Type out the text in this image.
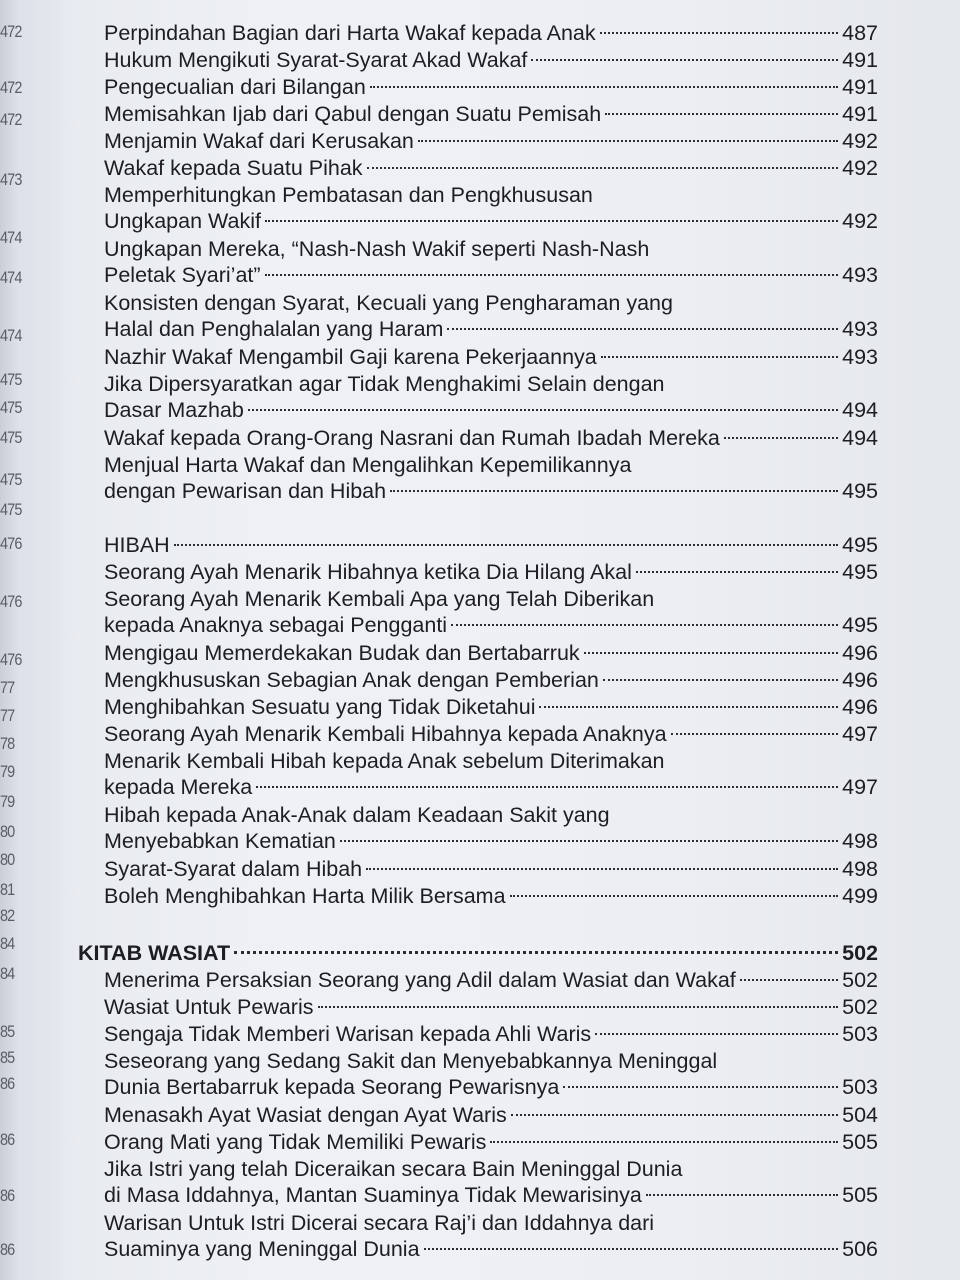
472
472
472
473
474
474
474
475
475
475
475
475
476
476
476
77
77
78
79
79
80
80
81
82
84
84
85
85
86
86
86
86
Perpindahan Bagian dari Harta Wakaf kepada Anak	487
Hukum Mengikuti Syarat-Syarat Akad Wakaf	491
Pengecualian dari Bilangan	491
Memisahkan Ijab dari Qabul dengan Suatu Pemisah	491
Menjamin Wakaf dari Kerusakan	492
Wakaf kepada Suatu Pihak	492
Memperhitungkan Pembatasan dan Pengkhususan
Ungkapan Wakif	492
Ungkapan Mereka, “Nash-Nash Wakif seperti Nash-Nash
Peletak Syari’at”	493
Konsisten dengan Syarat, Kecuali yang Pengharaman yang
Halal dan Penghalalan yang Haram	493
Nazhir Wakaf Mengambil Gaji karena Pekerjaannya	493
Jika Dipersyaratkan agar Tidak Menghakimi Selain dengan
Dasar Mazhab	494
Wakaf kepada Orang-Orang Nasrani dan Rumah Ibadah Mereka	494
Menjual Harta Wakaf dan Mengalihkan Kepemilikannya
dengan Pewarisan dan Hibah	495
HIBAH	495
Seorang Ayah Menarik Hibahnya ketika Dia Hilang Akal	495
Seorang Ayah Menarik Kembali Apa yang Telah Diberikan
kepada Anaknya sebagai Pengganti	495
Mengigau Memerdekakan Budak dan Bertabarruk	496
Mengkhususkan Sebagian Anak dengan Pemberian	496
Menghibahkan Sesuatu yang Tidak Diketahui	496
Seorang Ayah Menarik Kembali Hibahnya kepada Anaknya	497
Menarik Kembali Hibah kepada Anak sebelum Diterimakan
kepada Mereka	497
Hibah kepada Anak-Anak dalam Keadaan Sakit yang
Menyebabkan Kematian	498
Syarat-Syarat dalam Hibah	498
Boleh Menghibahkan Harta Milik Bersama	499
KITAB WASIAT	502
Menerima Persaksian Seorang yang Adil dalam Wasiat dan Wakaf	502
Wasiat Untuk Pewaris	502
Sengaja Tidak Memberi Warisan kepada Ahli Waris	503
Seseorang yang Sedang Sakit dan Menyebabkannya Meninggal
Dunia Bertabarruk kepada Seorang Pewarisnya	503
Menasakh Ayat Wasiat dengan Ayat Waris	504
Orang Mati yang Tidak Memiliki Pewaris	505
Jika Istri yang telah Diceraikan secara Bain Meninggal Dunia
di Masa Iddahnya, Mantan Suaminya Tidak Mewarisinya	505
Warisan Untuk Istri Dicerai secara Raj’i dan Iddahnya dari
Suaminya yang Meninggal Dunia	506
